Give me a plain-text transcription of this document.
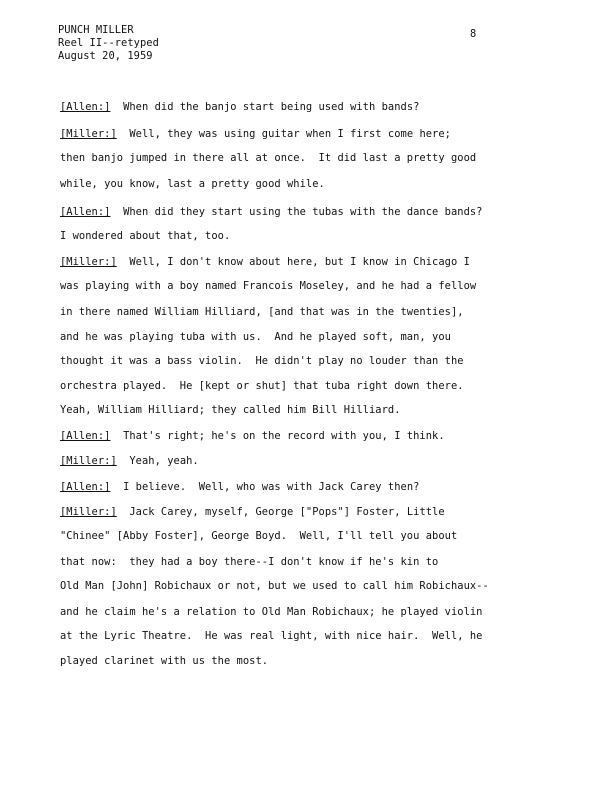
PUNCH MILLER
Reel II--retyped
August 20, 1959
8
[Allen:]  When did the banjo start being used with bands?
[Miller:]  Well, they was using guitar when I first come here;
then banjo jumped in there all at once.  It did last a pretty good
while, you know, last a pretty good while.
[Allen:]  When did they start using the tubas with the dance bands?
I wondered about that, too.
[Miller:]  Well, I don't know about here, but I know in Chicago I
was playing with a boy named Francois Moseley, and he had a fellow
in there named William Hilliard, [and that was in the twenties],
and he was playing tuba with us.  And he played soft, man, you
thought it was a bass violin.  He didn't play no louder than the
orchestra played.  He [kept or shut] that tuba right down there.
Yeah, William Hilliard; they called him Bill Hilliard.
[Allen:]  That's right; he's on the record with you, I think.
[Miller:]  Yeah, yeah.
[Allen:]  I believe.  Well, who was with Jack Carey then?
[Miller:]  Jack Carey, myself, George ["Pops"] Foster, Little
"Chinee" [Abby Foster], George Boyd.  Well, I'll tell you about
that now:  they had a boy there--I don't know if he's kin to
Old Man [John] Robichaux or not, but we used to call him Robichaux--
and he claim he's a relation to Old Man Robichaux; he played violin
at the Lyric Theatre.  He was real light, with nice hair.  Well, he
played clarinet with us the most.
